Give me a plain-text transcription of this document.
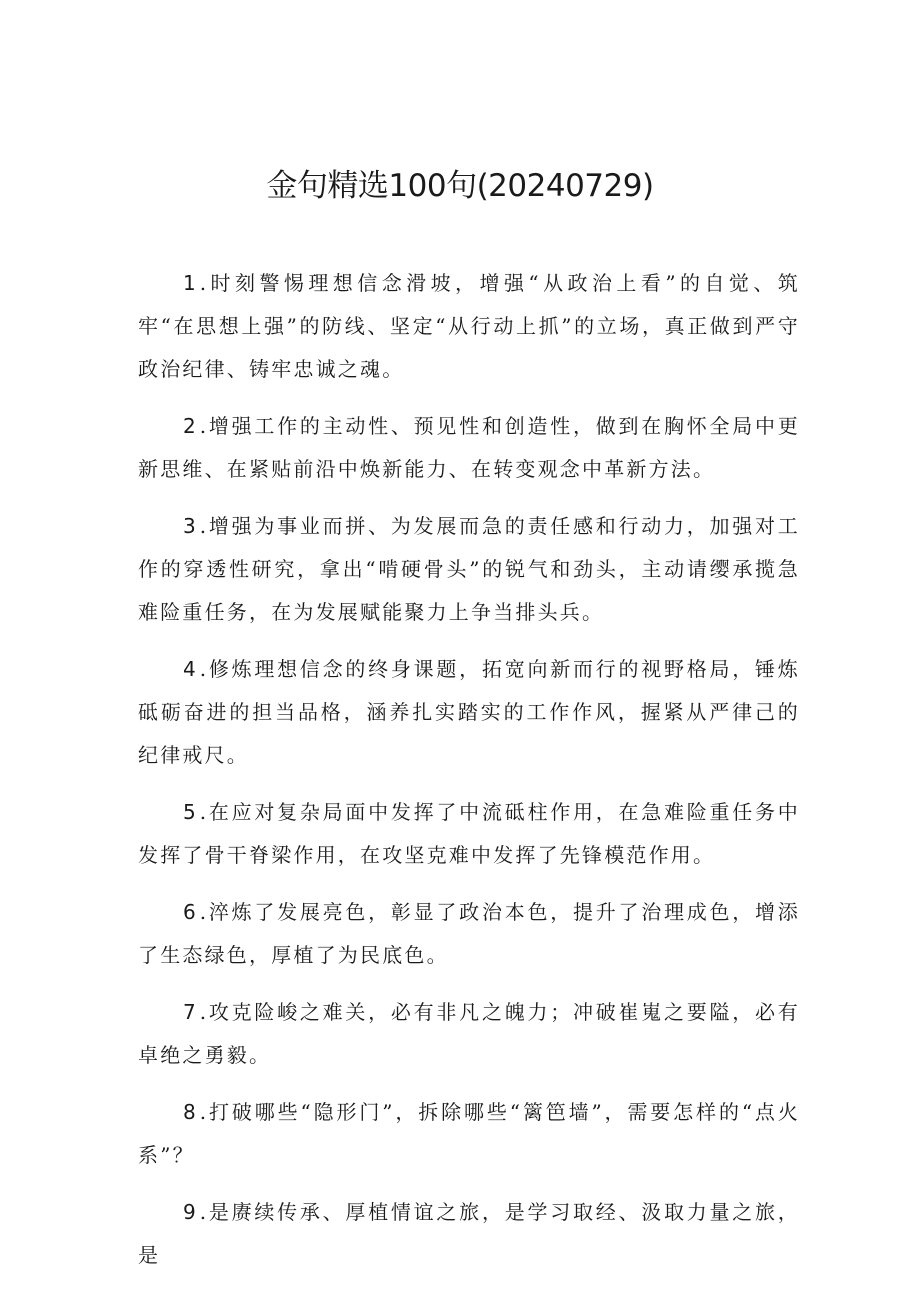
金句精选100句(20240729)

1 .时刻警惕理想信念滑坡，增强“从政治上看”的自觉、筑牢“在思想上强”的防线、坚定“从行动上抓”的立场，真正做到严守政治纪律、铸牢忠诚之魂。

2 .增强工作的主动性、预见性和创造性，做到在胸怀全局中更新思维、在紧贴前沿中焕新能力、在转变观念中革新方法。

3 .增强为事业而拼、为发展而急的责任感和行动力，加强对工作的穿透性研究，拿出“啃硬骨头”的锐气和劲头，主动请缨承揽急难险重任务，在为发展赋能聚力上争当排头兵。

4 .修炼理想信念的终身课题，拓宽向新而行的视野格局，锤炼砥砺奋进的担当品格，涵养扎实踏实的工作作风，握紧从严律己的纪律戒尺。

5 .在应对复杂局面中发挥了中流砥柱作用，在急难险重任务中发挥了骨干脊梁作用，在攻坚克难中发挥了先锋模范作用。

6 .淬炼了发展亮色，彰显了政治本色，提升了治理成色，增添了生态绿色，厚植了为民底色。

7 .攻克险峻之难关，必有非凡之魄力；冲破崔嵬之要隘，必有卓绝之勇毅。

8 .打破哪些“隐形门”，拆除哪些“篱笆墙”，需要怎样的“点火系”？

9 .是赓续传承、厚植情谊之旅，是学习取经、汲取力量之旅，是
